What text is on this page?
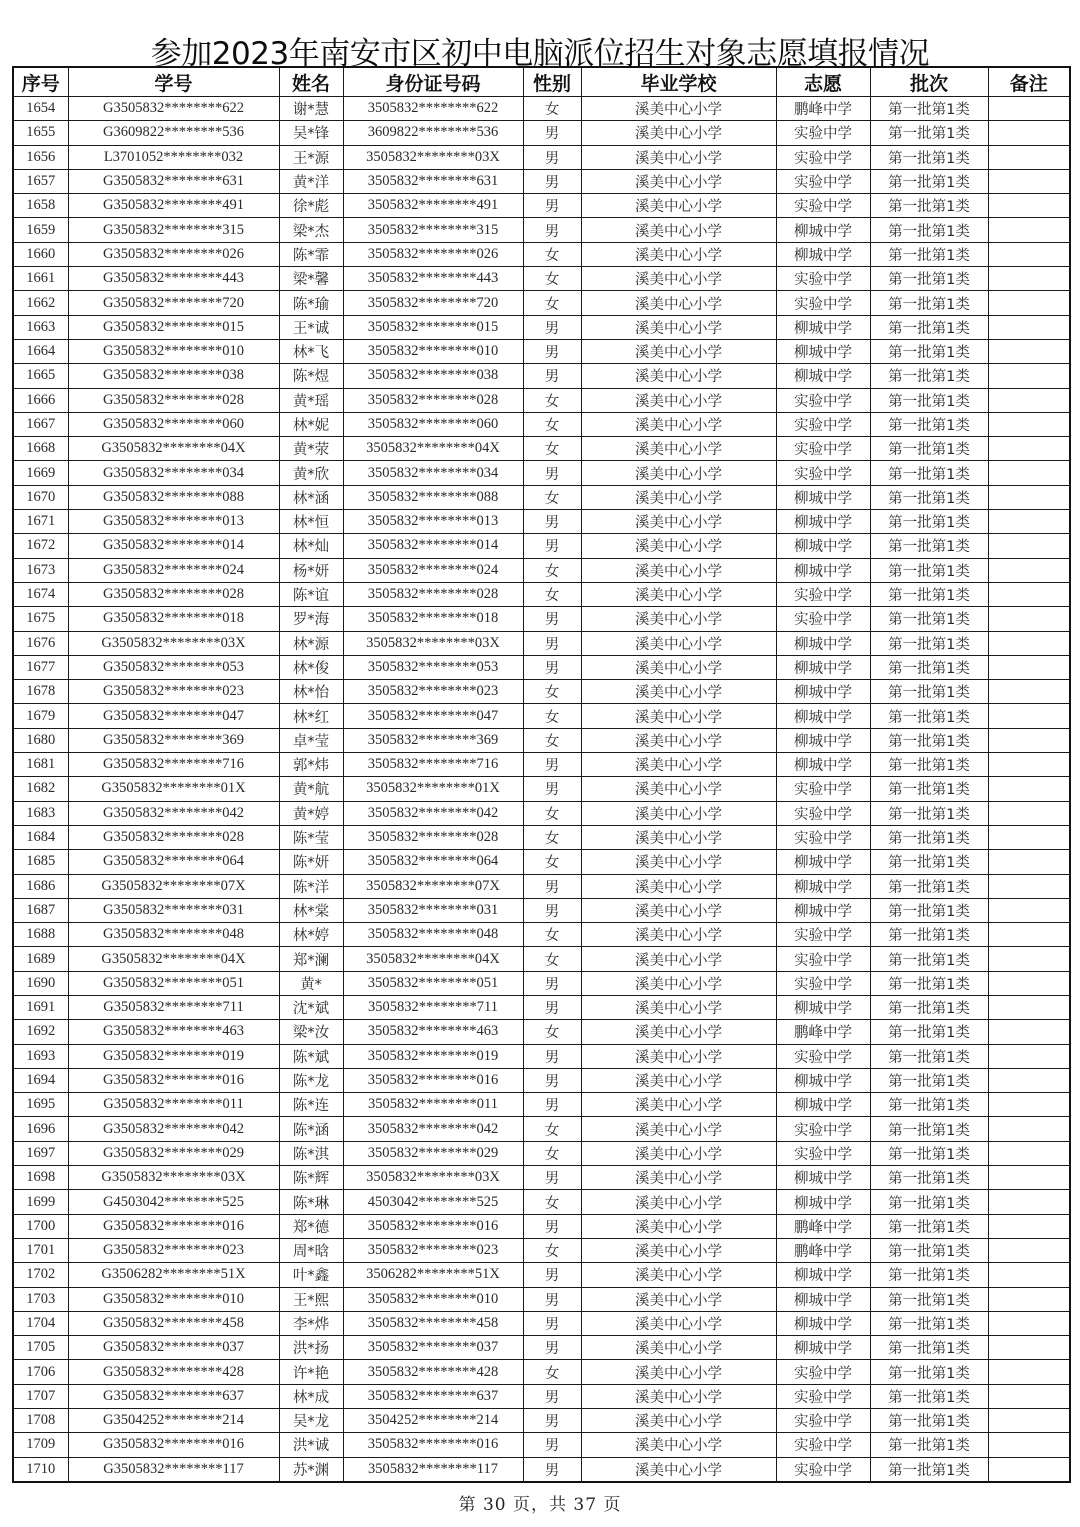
参加2023年南安市区初中电脑派位招生对象志愿填报情况
序号	学号	姓名	身份证号码	性别	毕业学校	志愿	批次	备注
1654	G3505832********622	谢*慧	3505832********622	女	溪美中心小学	鹏峰中学	第一批第1类	
1655	G3609822********536	吴*锋	3609822********536	男	溪美中心小学	实验中学	第一批第1类	
1656	L3701052********032	王*源	3505832********03X	男	溪美中心小学	实验中学	第一批第1类	
1657	G3505832********631	黄*洋	3505832********631	男	溪美中心小学	实验中学	第一批第1类	
1658	G3505832********491	徐*彪	3505832********491	男	溪美中心小学	实验中学	第一批第1类	
1659	G3505832********315	梁*杰	3505832********315	男	溪美中心小学	柳城中学	第一批第1类	
1660	G3505832********026	陈*霏	3505832********026	女	溪美中心小学	柳城中学	第一批第1类	
1661	G3505832********443	梁*馨	3505832********443	女	溪美中心小学	实验中学	第一批第1类	
1662	G3505832********720	陈*瑜	3505832********720	女	溪美中心小学	实验中学	第一批第1类	
1663	G3505832********015	王*诚	3505832********015	男	溪美中心小学	柳城中学	第一批第1类	
1664	G3505832********010	林*飞	3505832********010	男	溪美中心小学	柳城中学	第一批第1类	
1665	G3505832********038	陈*煜	3505832********038	男	溪美中心小学	柳城中学	第一批第1类	
1666	G3505832********028	黄*瑶	3505832********028	女	溪美中心小学	实验中学	第一批第1类	
1667	G3505832********060	林*妮	3505832********060	女	溪美中心小学	实验中学	第一批第1类	
1668	G3505832********04X	黄*荥	3505832********04X	女	溪美中心小学	实验中学	第一批第1类	
1669	G3505832********034	黄*欣	3505832********034	男	溪美中心小学	实验中学	第一批第1类	
1670	G3505832********088	林*涵	3505832********088	女	溪美中心小学	柳城中学	第一批第1类	
1671	G3505832********013	林*恒	3505832********013	男	溪美中心小学	柳城中学	第一批第1类	
1672	G3505832********014	林*灿	3505832********014	男	溪美中心小学	柳城中学	第一批第1类	
1673	G3505832********024	杨*妍	3505832********024	女	溪美中心小学	柳城中学	第一批第1类	
1674	G3505832********028	陈*谊	3505832********028	女	溪美中心小学	实验中学	第一批第1类	
1675	G3505832********018	罗*海	3505832********018	男	溪美中心小学	实验中学	第一批第1类	
1676	G3505832********03X	林*源	3505832********03X	男	溪美中心小学	柳城中学	第一批第1类	
1677	G3505832********053	林*俊	3505832********053	男	溪美中心小学	柳城中学	第一批第1类	
1678	G3505832********023	林*怡	3505832********023	女	溪美中心小学	柳城中学	第一批第1类	
1679	G3505832********047	林*红	3505832********047	女	溪美中心小学	柳城中学	第一批第1类	
1680	G3505832********369	卓*莹	3505832********369	女	溪美中心小学	柳城中学	第一批第1类	
1681	G3505832********716	郭*炜	3505832********716	男	溪美中心小学	柳城中学	第一批第1类	
1682	G3505832********01X	黄*航	3505832********01X	男	溪美中心小学	实验中学	第一批第1类	
1683	G3505832********042	黄*婷	3505832********042	女	溪美中心小学	实验中学	第一批第1类	
1684	G3505832********028	陈*莹	3505832********028	女	溪美中心小学	实验中学	第一批第1类	
1685	G3505832********064	陈*妍	3505832********064	女	溪美中心小学	柳城中学	第一批第1类	
1686	G3505832********07X	陈*洋	3505832********07X	男	溪美中心小学	柳城中学	第一批第1类	
1687	G3505832********031	林*棠	3505832********031	男	溪美中心小学	柳城中学	第一批第1类	
1688	G3505832********048	林*婷	3505832********048	女	溪美中心小学	实验中学	第一批第1类	
1689	G3505832********04X	郑*澜	3505832********04X	女	溪美中心小学	实验中学	第一批第1类	
1690	G3505832********051	黄*	3505832********051	男	溪美中心小学	实验中学	第一批第1类	
1691	G3505832********711	沈*斌	3505832********711	男	溪美中心小学	柳城中学	第一批第1类	
1692	G3505832********463	梁*汝	3505832********463	女	溪美中心小学	鹏峰中学	第一批第1类	
1693	G3505832********019	陈*斌	3505832********019	男	溪美中心小学	实验中学	第一批第1类	
1694	G3505832********016	陈*龙	3505832********016	男	溪美中心小学	柳城中学	第一批第1类	
1695	G3505832********011	陈*连	3505832********011	男	溪美中心小学	柳城中学	第一批第1类	
1696	G3505832********042	陈*涵	3505832********042	女	溪美中心小学	实验中学	第一批第1类	
1697	G3505832********029	陈*淇	3505832********029	女	溪美中心小学	实验中学	第一批第1类	
1698	G3505832********03X	陈*辉	3505832********03X	男	溪美中心小学	柳城中学	第一批第1类	
1699	G4503042********525	陈*琳	4503042********525	女	溪美中心小学	柳城中学	第一批第1类	
1700	G3505832********016	郑*德	3505832********016	男	溪美中心小学	鹏峰中学	第一批第1类	
1701	G3505832********023	周*晗	3505832********023	女	溪美中心小学	鹏峰中学	第一批第1类	
1702	G3506282********51X	叶*鑫	3506282********51X	男	溪美中心小学	柳城中学	第一批第1类	
1703	G3505832********010	王*熙	3505832********010	男	溪美中心小学	柳城中学	第一批第1类	
1704	G3505832********458	李*烨	3505832********458	男	溪美中心小学	柳城中学	第一批第1类	
1705	G3505832********037	洪*扬	3505832********037	男	溪美中心小学	柳城中学	第一批第1类	
1706	G3505832********428	许*艳	3505832********428	女	溪美中心小学	实验中学	第一批第1类	
1707	G3505832********637	林*成	3505832********637	男	溪美中心小学	实验中学	第一批第1类	
1708	G3504252********214	吴*龙	3504252********214	男	溪美中心小学	实验中学	第一批第1类	
1709	G3505832********016	洪*诚	3505832********016	男	溪美中心小学	实验中学	第一批第1类	
1710	G3505832********117	苏*渊	3505832********117	男	溪美中心小学	实验中学	第一批第1类	
第 30 页，共 37 页
